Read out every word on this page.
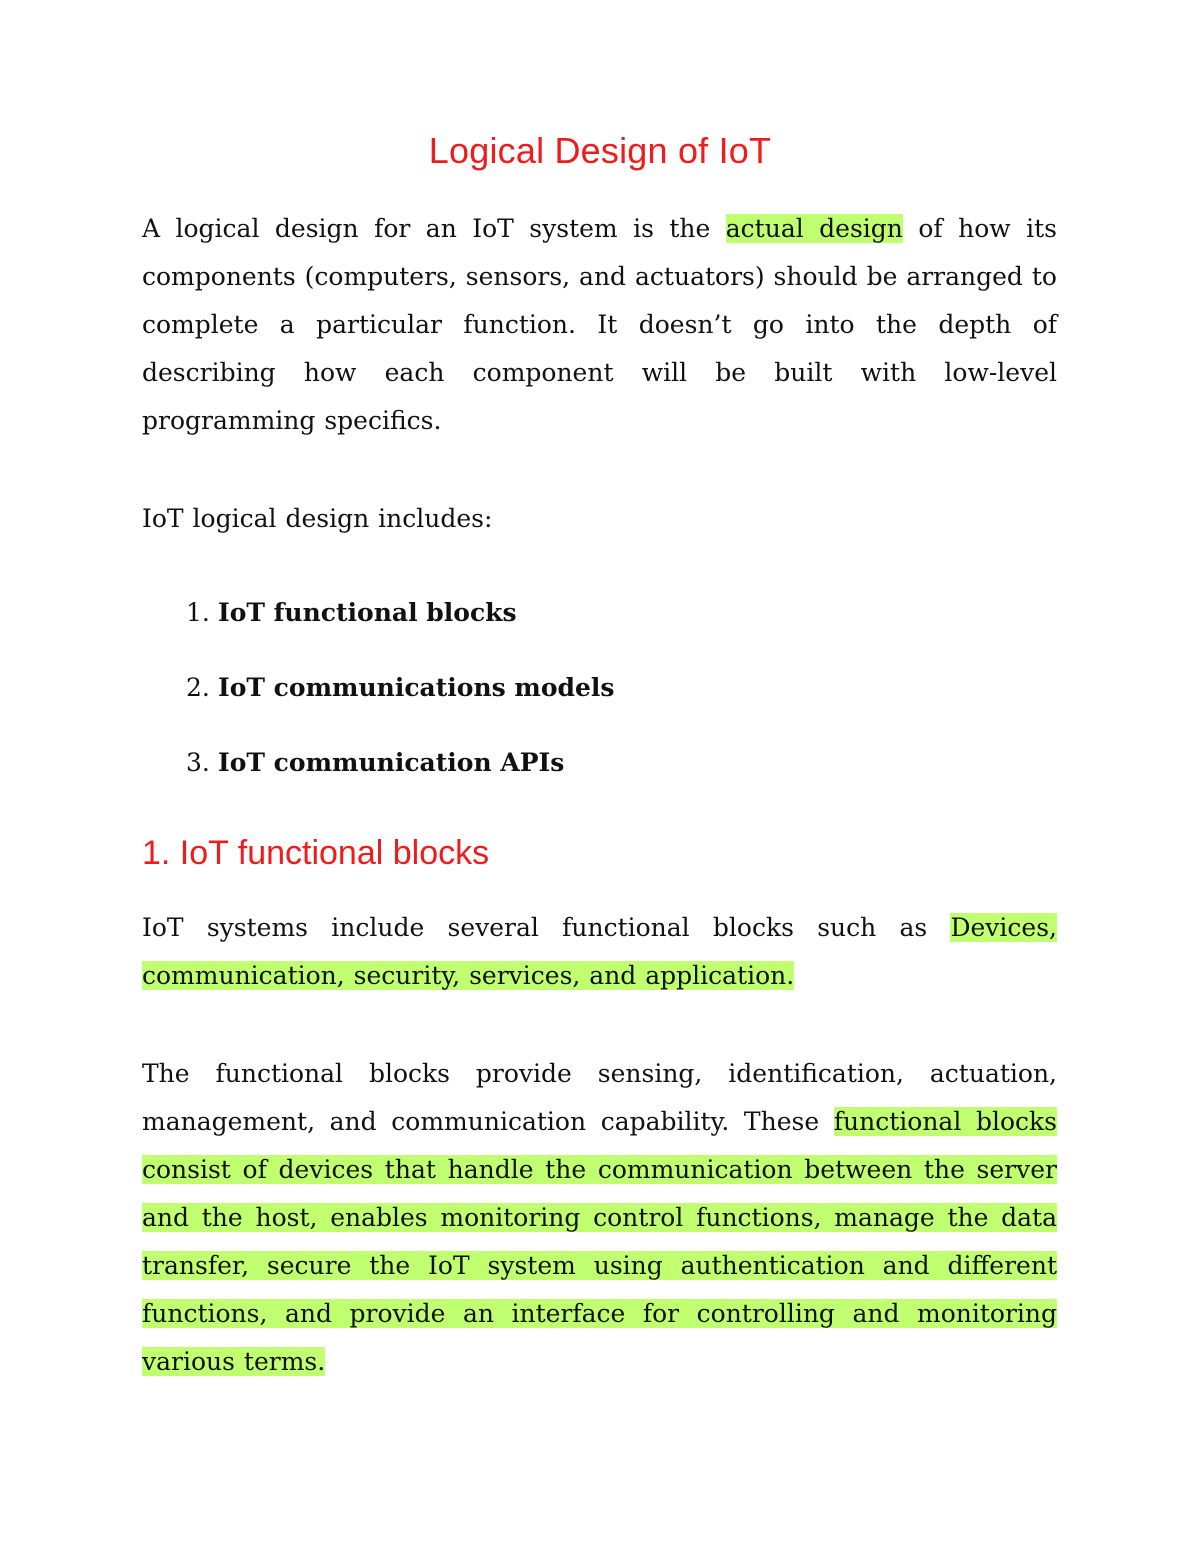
Logical Design of IoT

A logical design for an IoT system is the actual design of how its components (computers, sensors, and actuators) should be arranged to complete a particular function. It doesn’t go into the depth of describing how each component will be built with low-level programming specifics.

IoT logical design includes:

1. IoT functional blocks
2. IoT communications models
3. IoT communication APIs
1. IoT functional blocks

IoT systems include several functional blocks such as Devices, communication, security, services, and application.

The functional blocks provide sensing, identification, actuation, management, and communication capability. These functional blocks consist of devices that handle the communication between the server and the host, enables monitoring control functions, manage the data transfer, secure the IoT system using authentication and different functions, and provide an interface for controlling and monitoring various terms.
